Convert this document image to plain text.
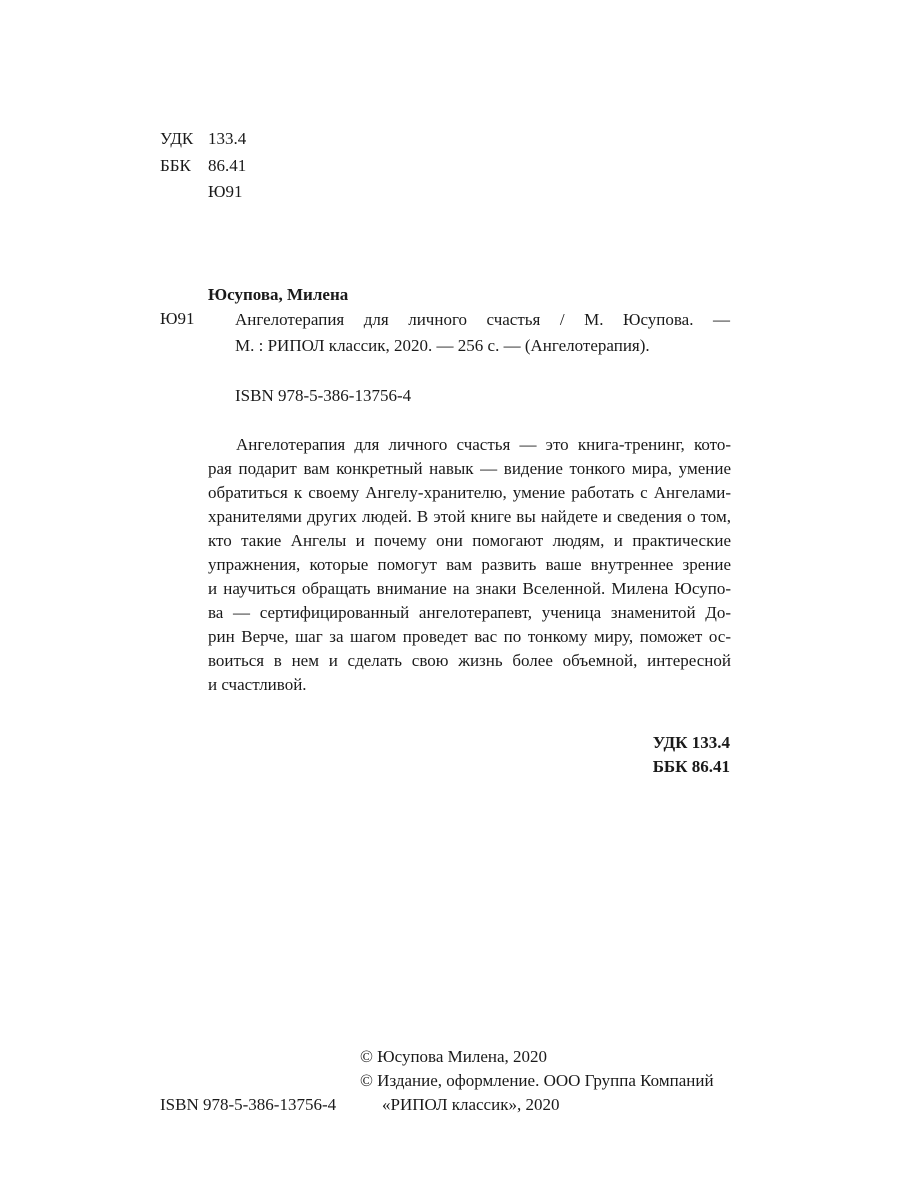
УДК 133.4
ББК 86.41
Ю91
Юсупова, Милена
Ю91 Ангелотерапия для личного счастья / М. Юсупова. —
М. : РИПОЛ классик, 2020. — 256 с. — (Ангелотерапия).
ISBN 978-5-386-13756-4
Ангелотерапия для личного счастья — это книга-тренинг, кото-
рая подарит вам конкретный навык — видение тонкого мира, умение
обратиться к своему Ангелу-хранителю, умение работать с Ангелами-
хранителями других людей. В этой книге вы найдете и сведения о том,
кто такие Ангелы и почему они помогают людям, и практические
упражнения, которые помогут вам развить ваше внутреннее зрение
и научиться обращать внимание на знаки Вселенной. Милена Юсупо-
ва — сертифицированный ангелотерапевт, ученица знаменитой До-
рин Верче, шаг за шагом проведет вас по тонкому миру, поможет ос-
воиться в нем и сделать свою жизнь более объемной, интересной
и счастливой.
УДК 133.4
ББК 86.41
© Юсупова Милена, 2020
© Издание, оформление. ООО Группа Компаний
«РИПОЛ классик», 2020
ISBN 978-5-386-13756-4
